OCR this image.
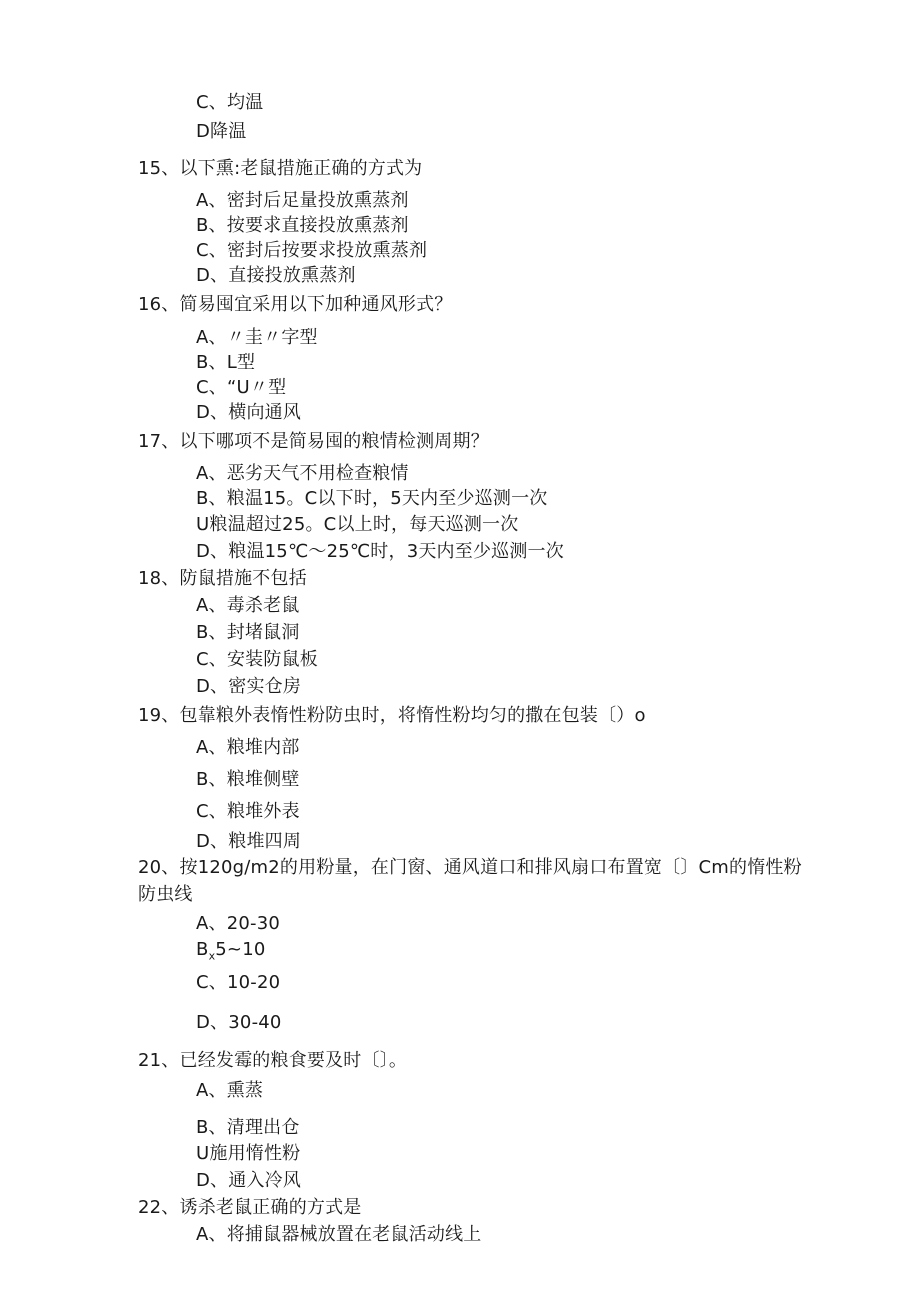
C、均温
D降温
15、以下熏:老鼠措施正确的方式为
A、密封后足量投放熏蒸剂
B、按要求直接投放熏蒸剂
C、密封后按要求投放熏蒸剂
D、直接投放熏蒸剂
16、简易囤宜采用以下加种通风形式？
A、〃圭〃字型
B、L型
C、“U〃型
D、横向通风
17、以下哪项不是简易囤的粮情检测周期？
A、恶劣天气不用检查粮情
B、粮温15。C以下时，5天内至少巡测一次
U粮温超过25。C以上时，每天巡测一次
D、粮温15℃～25℃时，3天内至少巡测一次
18、防鼠措施不包括
A、毒杀老鼠
B、封堵鼠洞
C、安装防鼠板
D、密实仓房
19、包靠粮外表惰性粉防虫时，将惰性粉均匀的撒在包装〔）o
A、粮堆内部
B、粮堆侧壁
C、粮堆外表
D、粮堆四周
20、按120g∕m2的用粉量，在门窗、通风道口和排风扇口布置宽〔〕Cm的惰性粉
防虫线
A、20-30
$B_x5\sim 10$
C、10-20
D、30-40
21、已经发霉的粮食要及时〔〕。
A、熏蒸
B、清理出仓
U施用惰性粉
D、通入冷风
22、诱杀老鼠正确的方式是
A、将捕鼠器械放置在老鼠活动线上
